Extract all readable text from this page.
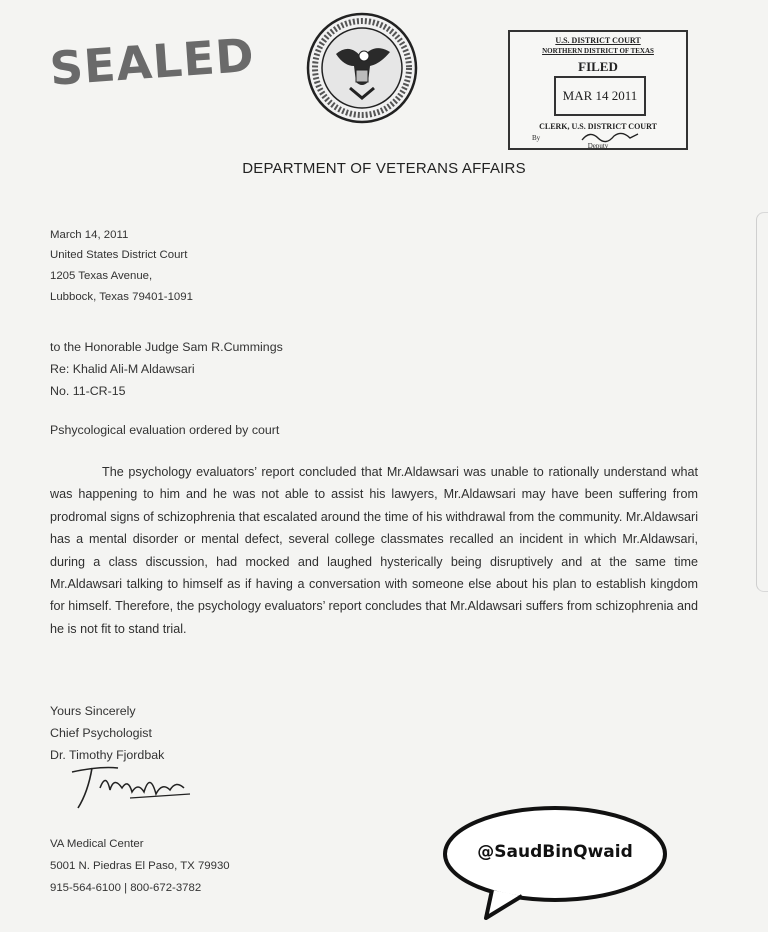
SEALED	U.S. DISTRICT COURT
NORTHERN DISTRICT OF TEXAS
FILED
MAR 14 2011
CLERK, U.S. DISTRICT COURT
By
Deputy
DEPARTMENT OF VETERANS AFFAIRS
March 14, 2011
United States District Court
1205 Texas Avenue,
Lubbock, Texas 79401-1091
to the Honorable Judge Sam R.Cummings
Re: Khalid Ali-M Aldawsari
No. 11-CR-15
Pshycological evaluation ordered by court
The psychology evaluators’ report concluded that Mr.Aldawsari was unable to rationally understand what was happening to him and he was not able to assist his lawyers, Mr.Aldawsari may have been suffering from prodromal signs of schizophrenia that escalated around the time of his withdrawal from the community. Mr.Aldawsari has a mental disorder or mental defect, several college classmates recalled an incident in which Mr.Aldawsari, during a class discussion, had mocked and laughed hysterically being disruptively and at the same time Mr.Aldawsari talking to himself as if having a conversation with someone else about his plan to establish kingdom for himself. Therefore, the psychology evaluators’ report concludes that Mr.Aldawsari suffers from schizophrenia and he is not fit to stand trial.
Yours Sincerely
Chief Psychologist
Dr. Timothy Fjordbak
VA Medical Center
5001 N. Piedras El Paso, TX 79930
915-564-6100 | 800-672-3782
@SaudBinQwaid
